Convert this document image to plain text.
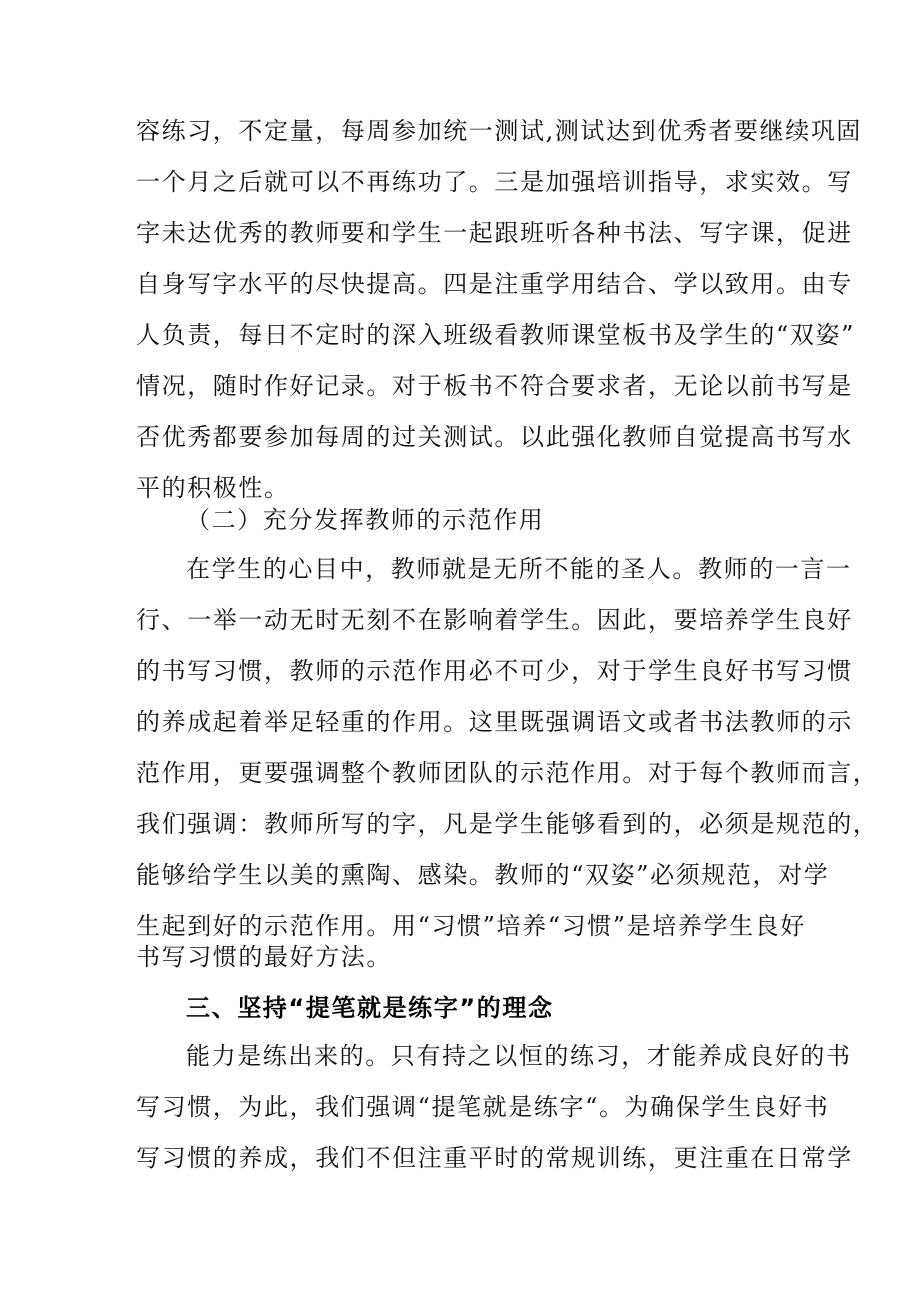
容练习，不定量，每周参加统一测试,测试达到优秀者要继续巩固
一个月之后就可以不再练功了。三是加强培训指导，求实效。写
字未达优秀的教师要和学生一起跟班听各种书法、写字课，促进
自身写字水平的尽快提高。四是注重学用结合、学以致用。由专
人负责，每日不定时的深入班级看教师课堂板书及学生的“双姿”
情况，随时作好记录。对于板书不符合要求者，无论以前书写是
否优秀都要参加每周的过关测试。以此强化教师自觉提高书写水
平的积极性。
（二）充分发挥教师的示范作用
在学生的心目中，教师就是无所不能的圣人。教师的一言一
行、一举一动无时无刻不在影响着学生。因此，要培养学生良好
的书写习惯，教师的示范作用必不可少，对于学生良好书写习惯
的养成起着举足轻重的作用。这里既强调语文或者书法教师的示
范作用，更要强调整个教师团队的示范作用。对于每个教师而言，
我们强调：教师所写的字，凡是学生能够看到的，必须是规范的，
能够给学生以美的熏陶、感染。教师的“双姿”必须规范，对学
生起到好的示范作用。用“习惯”培养“习惯”是培养学生良好
书写习惯的最好方法。
三、坚持“提笔就是练字”的理念
能力是练出来的。只有持之以恒的练习，才能养成良好的书
写习惯，为此，我们强调“提笔就是练字“。为确保学生良好书
写习惯的养成，我们不但注重平时的常规训练，更注重在日常学
